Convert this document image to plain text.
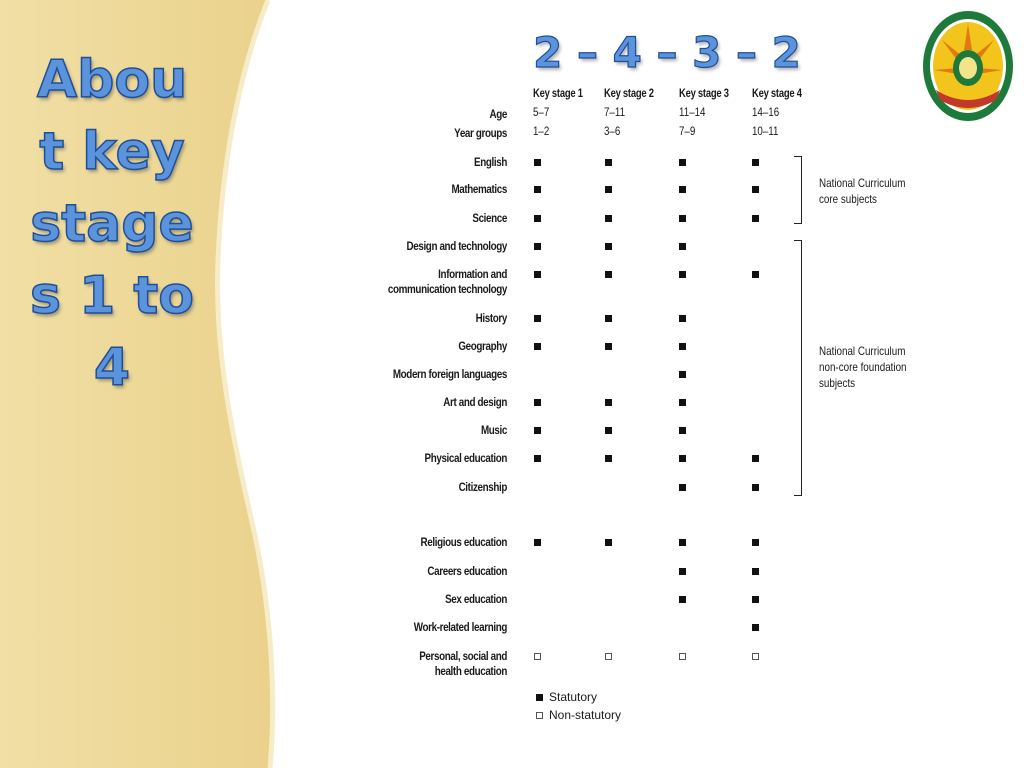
Abou
t key
stage
s 1 to
4
2 – 4 – 3 – 2
Key stage 1
5–7
1–2
Key stage 2
7–11
3–6
Key stage 3
11–14
7–9
Key stage 4
14–16
10–11
Age
Year groups
English
Mathematics
Science
Design and technology
Information and
communication technology
History
Geography
Modern foreign languages
Art and design
Music
Physical education
Citizenship
Religious education
Careers education
Sex education
Work-related learning
Personal, social and
health education
National Curriculum
core subjects
National Curriculum
non-core foundation
subjects
Statutory
Non-statutory
